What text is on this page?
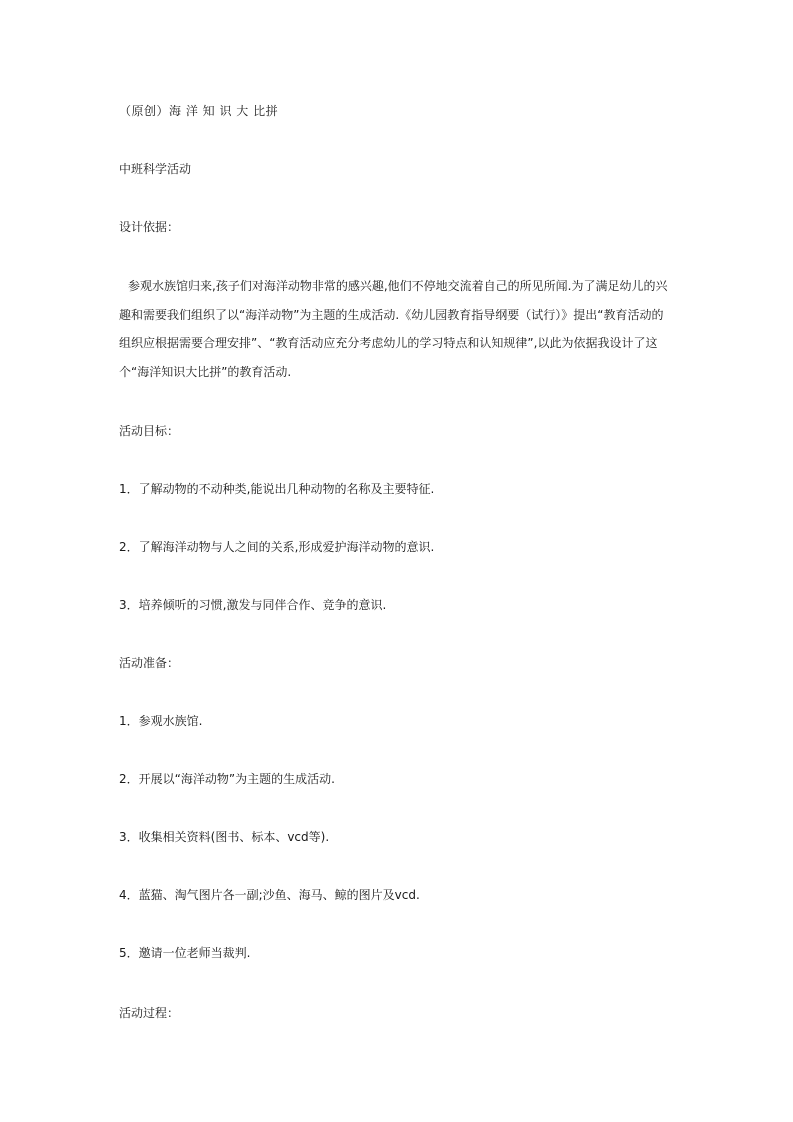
（原创）海 洋 知 识 大 比拼

中班科学活动

设计依据：

参观水族馆归来,孩子们对海洋动物非常的感兴趣,他们不停地交流着自己的所见所闻.为了满足幼儿的兴趣和需要我们组织了以“海洋动物”为主题的生成活动.《幼儿园教育指导纲要（试行）》提出“教育活动的组织应根据需要合理安排”、“教育活动应充分考虑幼儿的学习特点和认知规律”,以此为依据我设计了这个“海洋知识大比拼”的教育活动.

活动目标：

1．了解动物的不动种类,能说出几种动物的名称及主要特征.

2．了解海洋动物与人之间的关系,形成爱护海洋动物的意识.

3．培养倾听的习惯,激发与同伴合作、竞争的意识.

活动准备：

1．参观水族馆.

2．开展以“海洋动物”为主题的生成活动.

3．收集相关资料(图书、标本、vcd等).

4．蓝猫、淘气图片各一副;沙鱼、海马、鲸的图片及vcd.

5．邀请一位老师当裁判.

活动过程：
